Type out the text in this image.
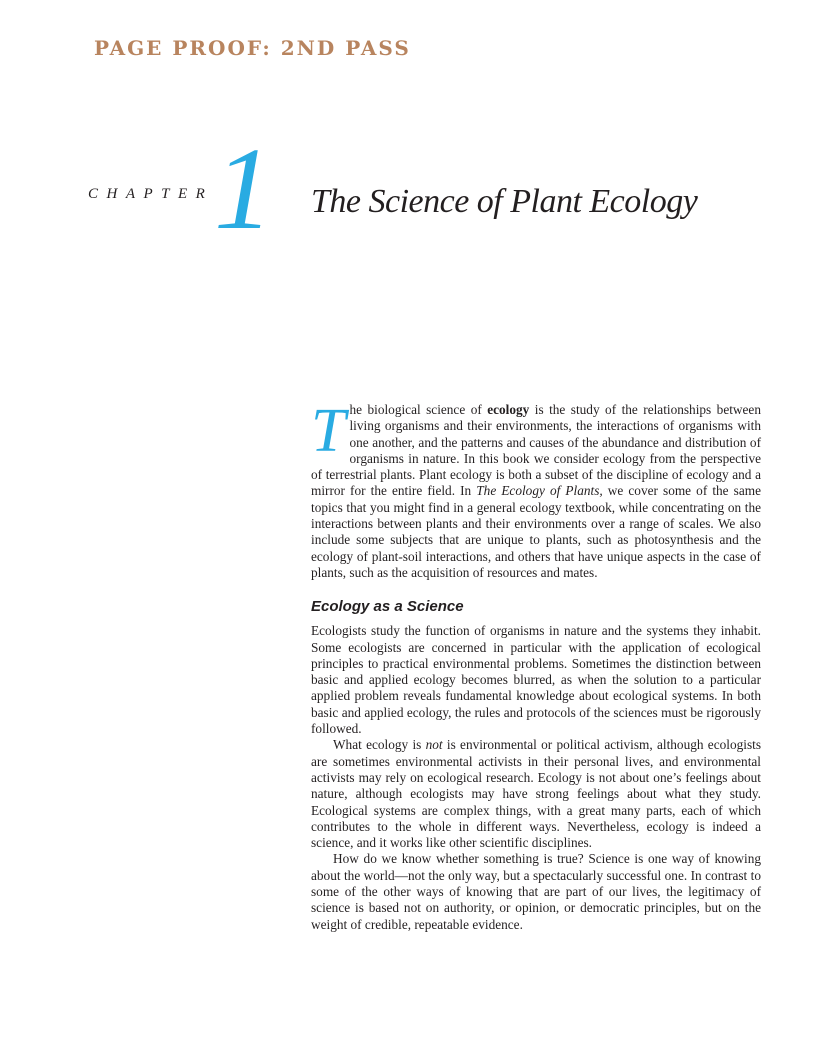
PAGE PROOF: 2ND PASS
CHAPTER 1 The Science of Plant Ecology

The biological science of ecology is the study of the relationships between living organisms and their environments, the interactions of organisms with one another, and the patterns and causes of the abundance and distribution of organisms in nature. In this book we consider ecology from the perspective of terrestrial plants. Plant ecology is both a subset of the discipline of ecology and a mirror for the entire field. In The Ecology of Plants, we cover some of the same topics that you might find in a general ecology textbook, while concentrating on the interactions between plants and their environments over a range of scales. We also include some subjects that are unique to plants, such as photosynthesis and the ecology of plant-soil interactions, and others that have unique aspects in the case of plants, such as the acquisition of resources and mates.

Ecology as a Science

Ecologists study the function of organisms in nature and the systems they inhabit. Some ecologists are concerned in particular with the application of ecological principles to practical environmental problems. Sometimes the distinction between basic and applied ecology becomes blurred, as when the solution to a particular applied problem reveals fundamental knowledge about ecological systems. In both basic and applied ecology, the rules and protocols of the sciences must be rigorously followed.

What ecology is not is environmental or political activism, although ecologists are sometimes environmental activists in their personal lives, and environmental activists may rely on ecological research. Ecology is not about one’s feelings about nature, although ecologists may have strong feelings about what they study. Ecological systems are complex things, with a great many parts, each of which contributes to the whole in different ways. Nevertheless, ecology is indeed a science, and it works like other scientific disciplines.

How do we know whether something is true? Science is one way of knowing about the world—not the only way, but a spectacularly successful one. In contrast to some of the other ways of knowing that are part of our lives, the legitimacy of science is based not on authority, or opinion, or democratic principles, but on the weight of credible, repeatable evidence.
